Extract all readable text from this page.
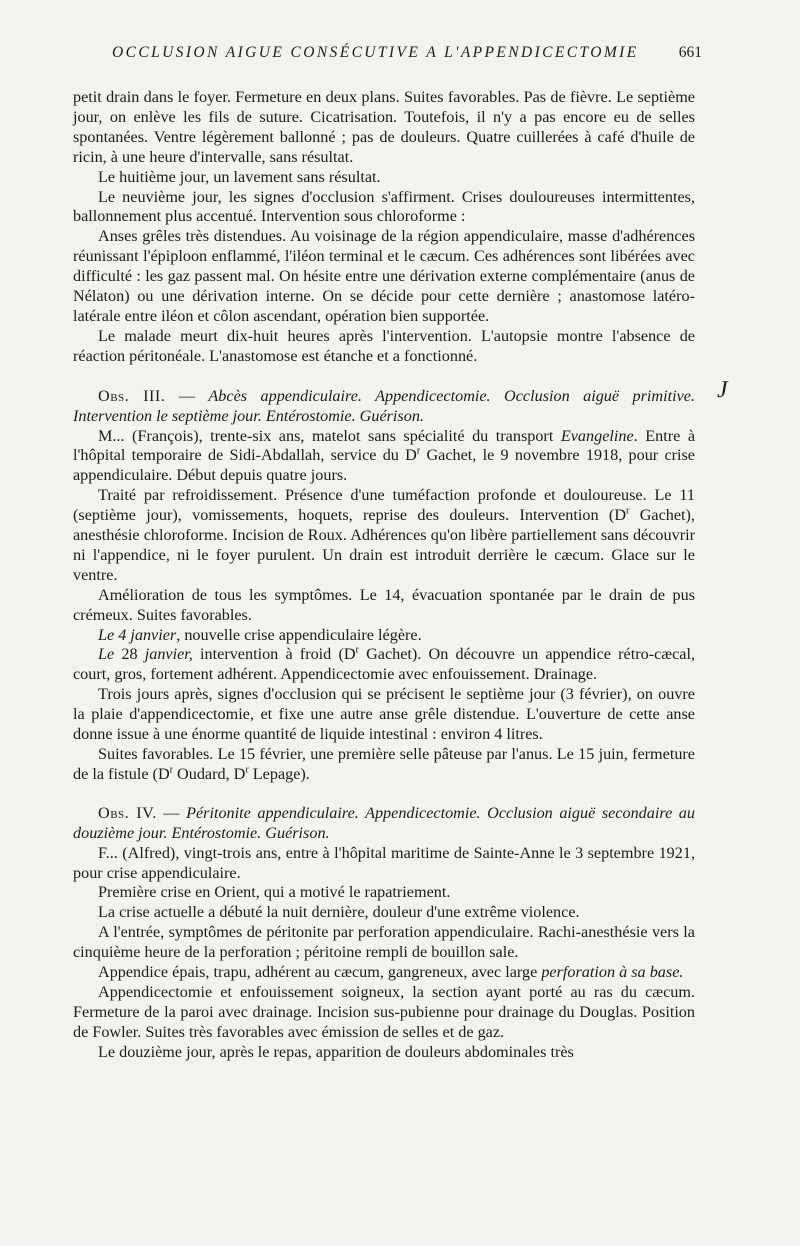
OCCLUSION AIGUE CONSÉCUTIVE A L'APPENDICECTOMIE	661
J

petit drain dans le foyer. Fermeture en deux plans. Suites favorables. Pas de fièvre. Le septième jour, on enlève les fils de suture. Cicatrisation. Toutefois, il n'y a pas encore eu de selles spontanées. Ventre légèrement ballonné ; pas de douleurs. Quatre cuillerées à café d'huile de ricin, à une heure d'intervalle, sans résultat.

Le huitième jour, un lavement sans résultat.

Le neuvième jour, les signes d'occlusion s'affirment. Crises douloureuses intermittentes, ballonnement plus accentué. Intervention sous chloroforme :

Anses grêles très distendues. Au voisinage de la région appendiculaire, masse d'adhérences réunissant l'épiploon enflammé, l'iléon terminal et le cæcum. Ces adhérences sont libérées avec difficulté : les gaz passent mal. On hésite entre une dérivation externe complémentaire (anus de Nélaton) ou une dérivation interne. On se décide pour cette dernière ; anastomose latéro-latérale entre iléon et côlon ascendant, opération bien supportée.

Le malade meurt dix-huit heures après l'intervention. L'autopsie montre l'absence de réaction péritonéale. L'anastomose est étanche et a fonctionné.

Obs. III. — Abcès appendiculaire. Appendicectomie. Occlusion aiguë primitive. Intervention le septième jour. Entérostomie. Guérison.

M... (François), trente-six ans, matelot sans spécialité du transport Evangeline. Entre à l'hôpital temporaire de Sidi-Abdallah, service du $D^r$ Gachet, le 9 novembre 1918, pour crise appendiculaire. Début depuis quatre jours.

Traité par refroidissement. Présence d'une tuméfaction profonde et douloureuse. Le 11 (septième jour), vomissements, hoquets, reprise des douleurs. Intervention ($D^r$ Gachet), anesthésie chloroforme. Incision de Roux. Adhérences qu'on libère partiellement sans découvrir ni l'appendice, ni le foyer purulent. Un drain est introduit derrière le cæcum. Glace sur le ventre.

Amélioration de tous les symptômes. Le 14, évacuation spontanée par le drain de pus crémeux. Suites favorables.

Le 4 janvier, nouvelle crise appendiculaire légère.

Le 28 janvier, intervention à froid ($D^r$ Gachet). On découvre un appendice rétro-cæcal, court, gros, fortement adhérent. Appendicectomie avec enfouissement. Drainage.

Trois jours après, signes d'occlusion qui se précisent le septième jour (3 février), on ouvre la plaie d'appendicectomie, et fixe une autre anse grêle distendue. L'ouverture de cette anse donne issue à une énorme quantité de liquide intestinal : environ 4 litres.

Suites favorables. Le 15 février, une première selle pâteuse par l'anus. Le 15 juin, fermeture de la fistule ($D^r$ Oudard, $D^r$ Lepage).

Obs. IV. — Péritonite appendiculaire. Appendicectomie. Occlusion aiguë secondaire au douzième jour. Entérostomie. Guérison.

F... (Alfred), vingt-trois ans, entre à l'hôpital maritime de Sainte-Anne le 3 septembre 1921, pour crise appendiculaire.

Première crise en Orient, qui a motivé le rapatriement.

La crise actuelle a débuté la nuit dernière, douleur d'une extrême violence.

A l'entrée, symptômes de péritonite par perforation appendiculaire. Rachi-anesthésie vers la cinquième heure de la perforation ; péritoine rempli de bouillon sale.

Appendice épais, trapu, adhérent au cæcum, gangreneux, avec large perforation à sa base.

Appendicectomie et enfouissement soigneux, la section ayant porté au ras du cæcum. Fermeture de la paroi avec drainage. Incision sus-pubienne pour drainage du Douglas. Position de Fowler. Suites très favorables avec émission de selles et de gaz.

Le douzième jour, après le repas, apparition de douleurs abdominales très
